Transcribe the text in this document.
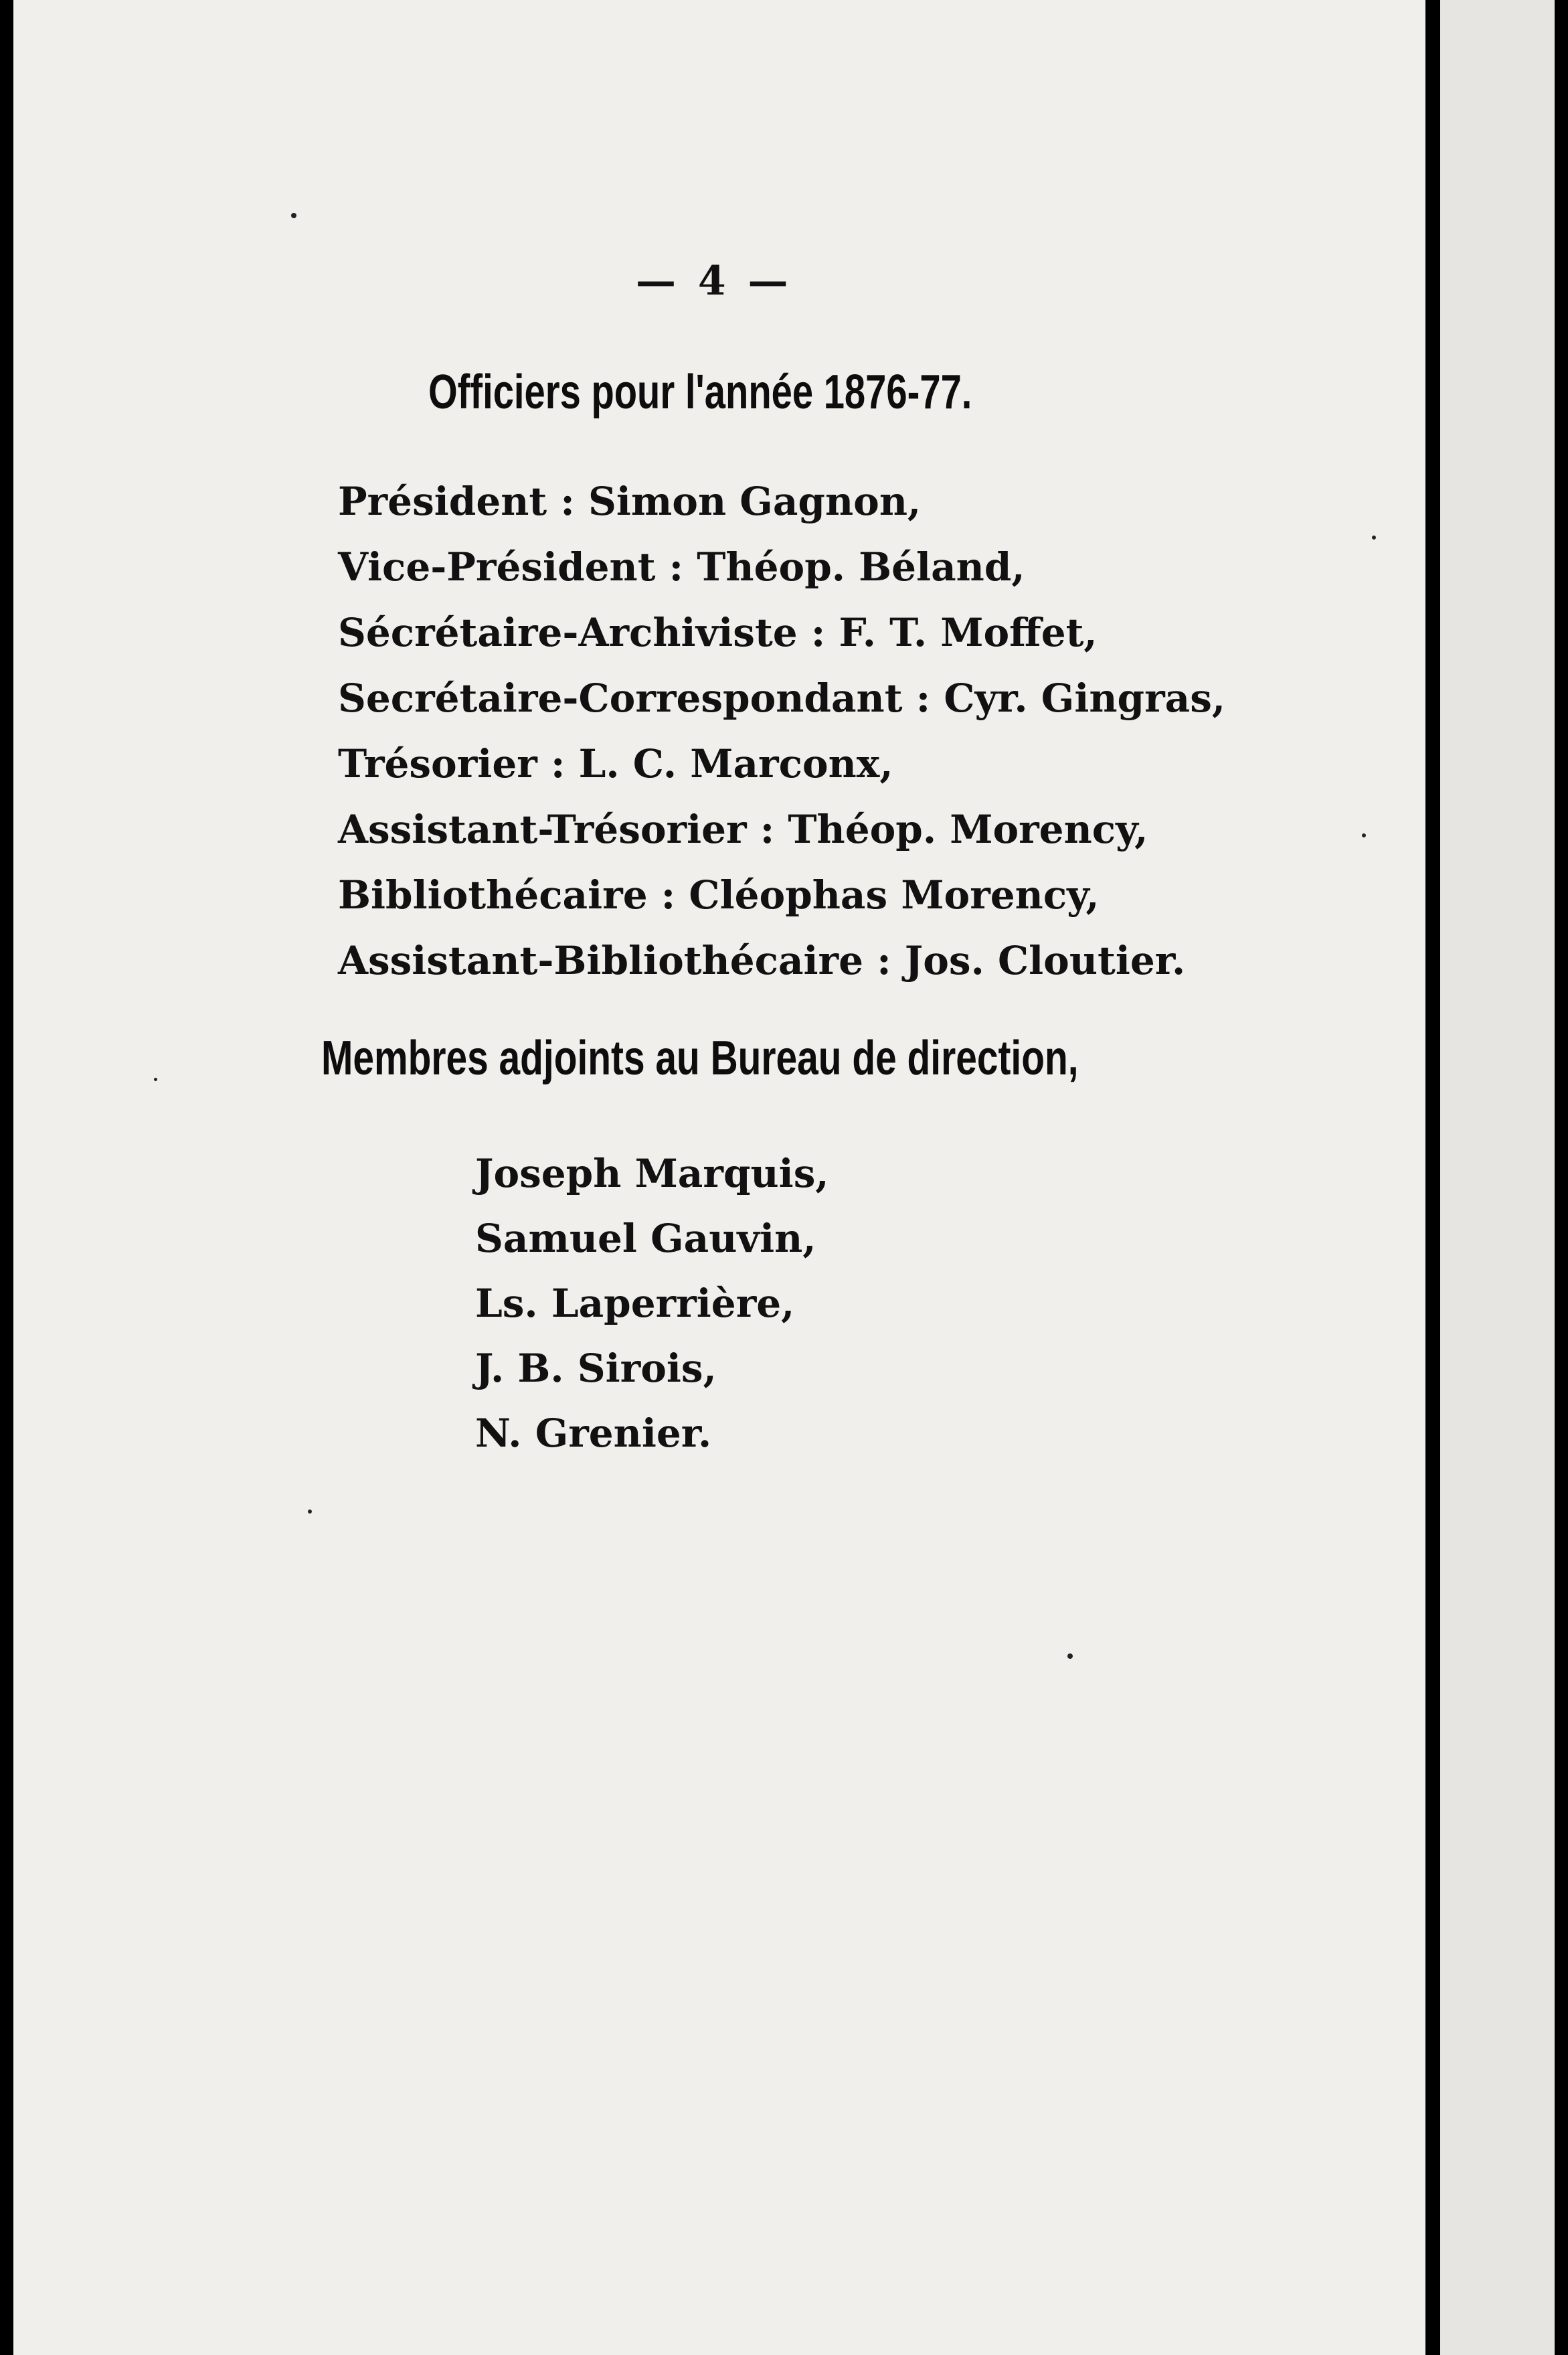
— 4 —
Officiers pour l'année 1876-77.
Président : Simon Gagnon,
Vice-Président : Théop. Béland,
Sécrétaire-Archiviste : F. T. Moffet,
Secrétaire-Correspondant : Cyr. Gingras,
Trésorier : L. C. Marconx,
Assistant-Trésorier : Théop. Morency,
Bibliothécaire : Cléophas Morency,
Assistant-Bibliothécaire : Jos. Cloutier.
Membres adjoints au Bureau de direction,
Joseph Marquis,
Samuel Gauvin,
Ls. Laperrière,
J. B. Sirois,
N. Grenier.
